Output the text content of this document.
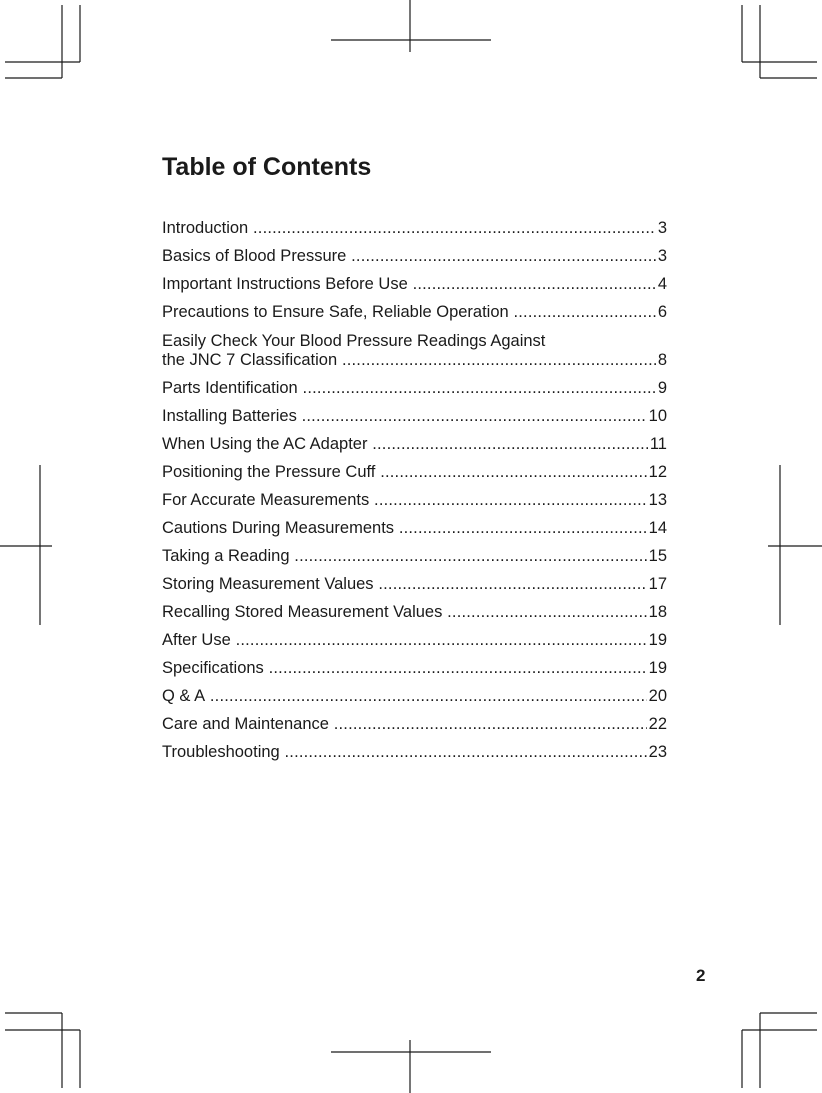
Table of Contents
Introduction .....	3
Basics of Blood Pressure .....	3
Important Instructions Before Use .....	4
Precautions to Ensure Safe, Reliable Operation .....	6
Easily Check Your Blood Pressure Readings Against
the JNC 7 Classification .....	8
Parts Identification .....	9
Installing Batteries .....	10
When Using the AC Adapter .....	11
Positioning the Pressure Cuff .....	12
For Accurate Measurements .....	13
Cautions During Measurements .....	14
Taking a Reading .....	15
Storing Measurement Values .....	17
Recalling Stored Measurement Values .....	18
After Use .....	19
Specifications .....	19
Q & A .....	20
Care and Maintenance .....	22
Troubleshooting .....	23
2
